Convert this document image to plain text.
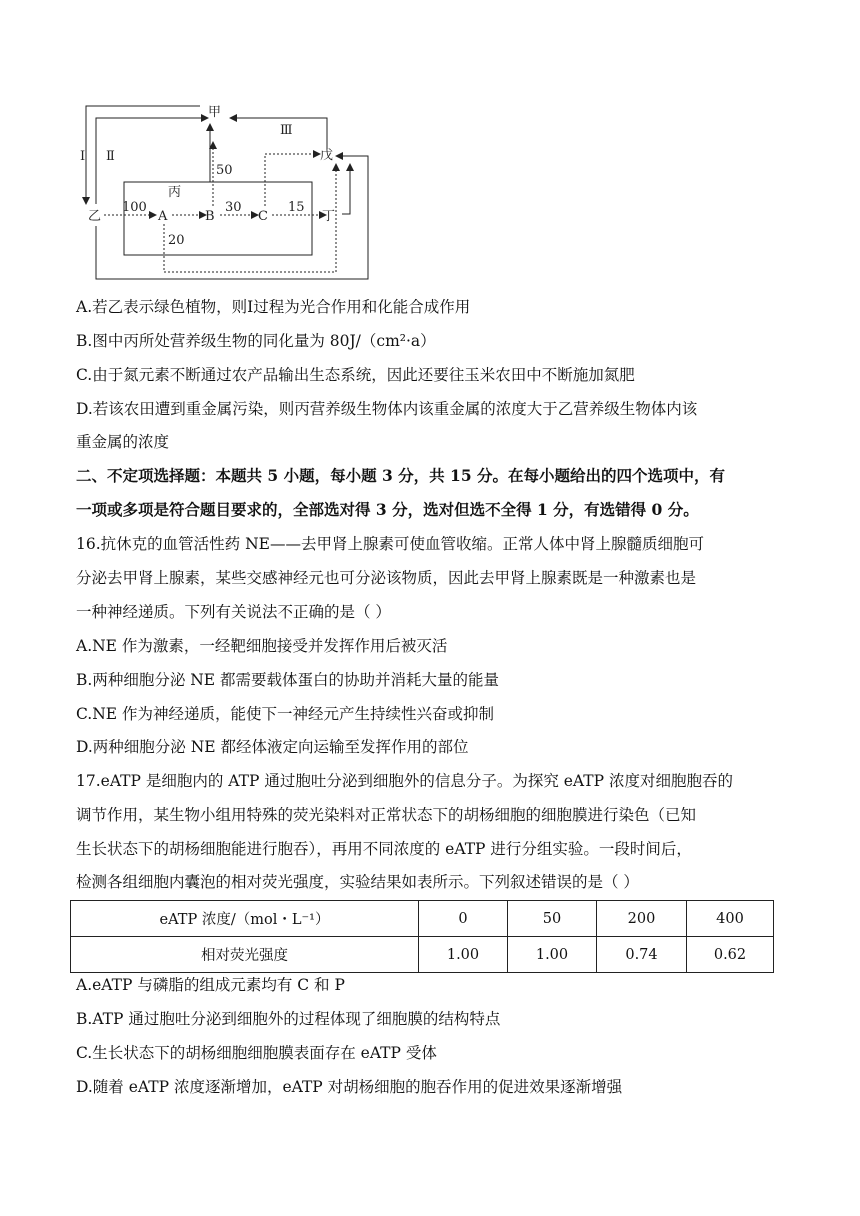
甲
戊
丙
乙	A	B	C	丁
Ⅰ Ⅱ
Ⅲ
100	30	15
50
20
A.若乙表示绿色植物，则Ⅰ过程为光合作用和化能合成作用
B.图中丙所处营养级生物的同化量为 80J/（cm²·a）
C.由于氮元素不断通过农产品输出生态系统，因此还要往玉米农田中不断施加氮肥
D.若该农田遭到重金属污染，则丙营养级生物体内该重金属的浓度大于乙营养级生物体内该
重金属的浓度
二、不定项选择题：本题共 5 小题，每小题 3 分，共 15 分。在每小题给出的四个选项中，有
一项或多项是符合题目要求的，全部选对得 3 分，选对但选不全得 1 分，有选错得 0 分。
16.抗休克的血管活性药 NE——去甲肾上腺素可使血管收缩。正常人体中肾上腺髓质细胞可
分泌去甲肾上腺素，某些交感神经元也可分泌该物质，因此去甲肾上腺素既是一种激素也是
一种神经递质。下列有关说法不正确的是（ ）
A.NE 作为激素，一经靶细胞接受并发挥作用后被灭活
B.两种细胞分泌 NE 都需要载体蛋白的协助并消耗大量的能量
C.NE 作为神经递质，能使下一神经元产生持续性兴奋或抑制
D.两种细胞分泌 NE 都经体液定向运输至发挥作用的部位
17.eATP 是细胞内的 ATP 通过胞吐分泌到细胞外的信息分子。为探究 eATP 浓度对细胞胞吞的
调节作用，某生物小组用特殊的荧光染料对正常状态下的胡杨细胞的细胞膜进行染色（已知
生长状态下的胡杨细胞能进行胞吞），再用不同浓度的 eATP 进行分组实验。一段时间后，
检测各组细胞内囊泡的相对荧光强度，实验结果如表所示。下列叙述错误的是（ ）
eATP 浓度/（mol・L⁻¹）	0	50	200	400
相对荧光强度	1.00	1.00	0.74	0.62
A.eATP 与磷脂的组成元素均有 C 和 P
B.ATP 通过胞吐分泌到细胞外的过程体现了细胞膜的结构特点
C.生长状态下的胡杨细胞细胞膜表面存在 eATP 受体
D.随着 eATP 浓度逐渐增加，eATP 对胡杨细胞的胞吞作用的促进效果逐渐增强
